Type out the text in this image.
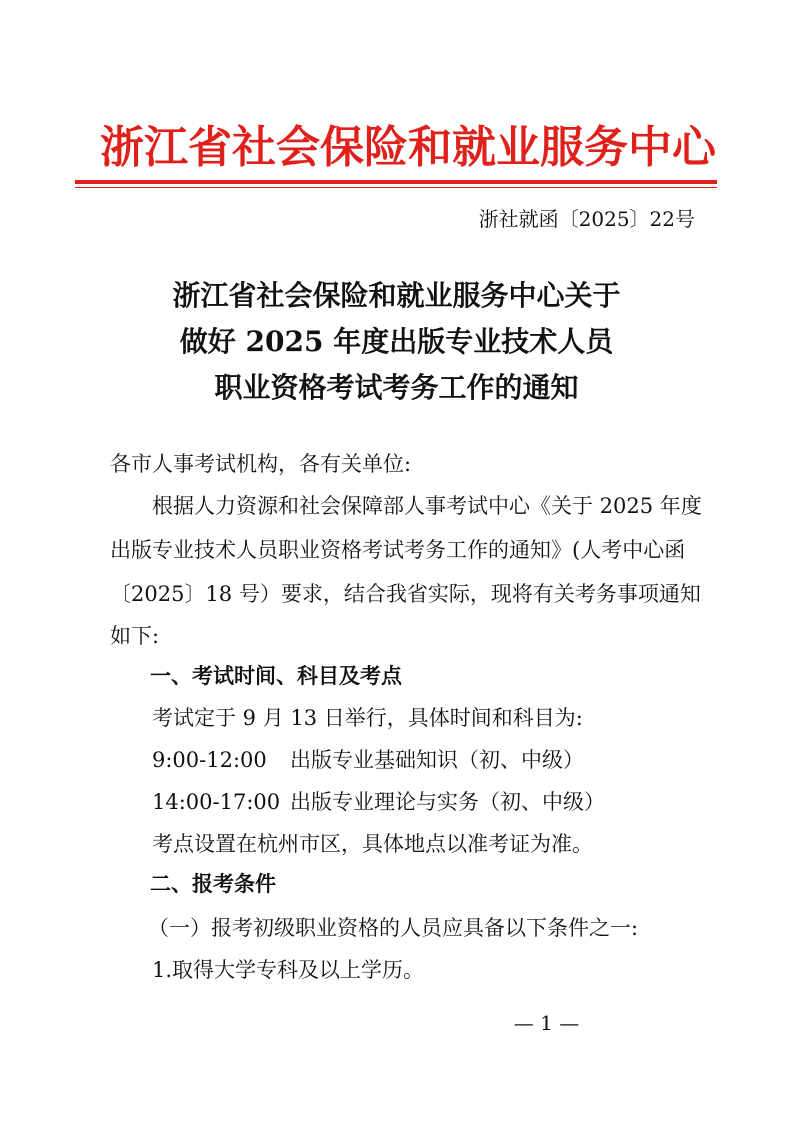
浙江省社会保险和就业服务中心
浙社就函〔2025〕22号
浙江省社会保险和就业服务中心关于
做好 2025 年度出版专业技术人员
职业资格考试考务工作的通知
各市人事考试机构，各有关单位:
根据人力资源和社会保障部人事考试中心《关于 2025 年度
出版专业技术人员职业资格考试考务工作的通知》(人考中心函
〔2025〕18 号）要求，结合我省实际，现将有关考务事项通知
如下:
一、考试时间、科目及考点
考试定于 9 月 13 日举行，具体时间和科目为:
9:00-12:00 出版专业基础知识（初、中级）
14:00-17:00 出版专业理论与实务（初、中级）
考点设置在杭州市区，具体地点以准考证为准。
二、报考条件
（一）报考初级职业资格的人员应具备以下条件之一:
1.取得大学专科及以上学历。
— 1 —
